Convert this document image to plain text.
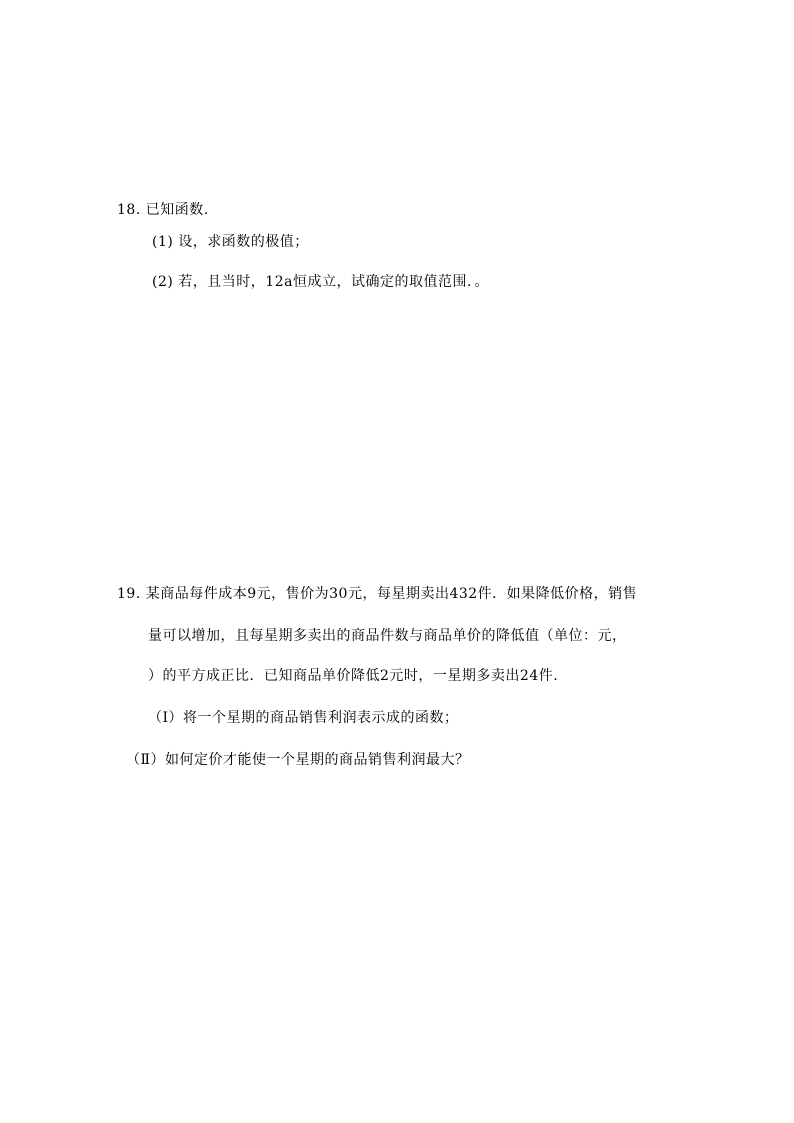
18. 已知函数.
(1) 设，求函数的极值；
(2) 若，且当时，12a恒成立，试确定的取值范围．。
19. 某商品每件成本9元，售价为30元，每星期卖出432件．如果降低价格，销售
量可以增加，且每星期多卖出的商品件数与商品单价的降低值（单位：元，
）的平方成正比．已知商品单价降低2元时，一星期多卖出24件.
（Ⅰ）将一个星期的商品销售利润表示成的函数；
（Ⅱ）如何定价才能使一个星期的商品销售利润最大？
